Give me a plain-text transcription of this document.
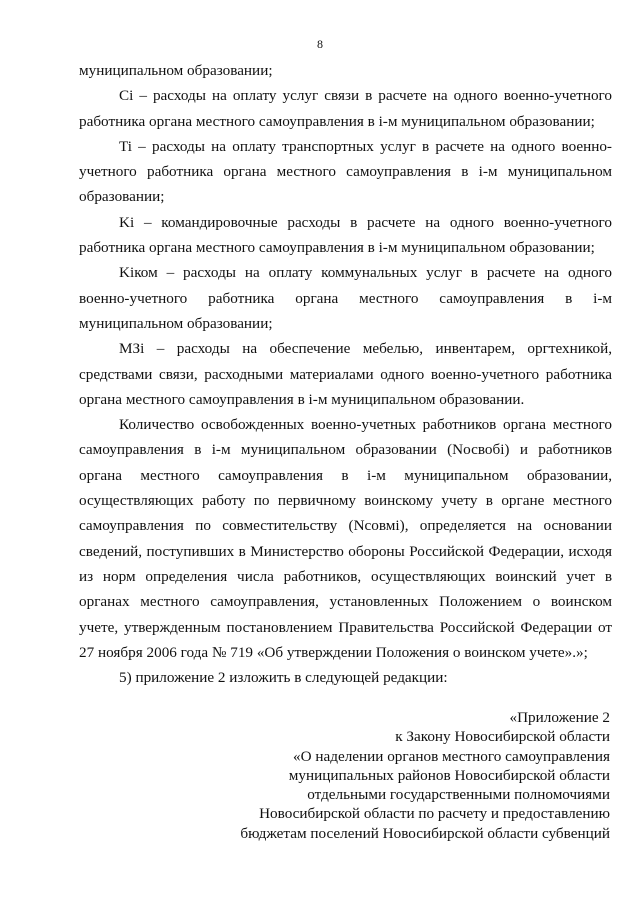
8

муниципальном образовании;

Ci – расходы на оплату услуг связи в расчете на одного военно-учетного работника органа местного самоуправления в i-м муниципальном образовании;

Ti – расходы на оплату транспортных услуг в расчете на одного военно-учетного работника органа местного самоуправления в i-м муниципальном образовании;

Ki – командировочные расходы в расчете на одного военно-учетного работника органа местного самоуправления в i-м муниципальном образовании;

Kiком – расходы на оплату коммунальных услуг в расчете на одного военно-учетного работника органа местного самоуправления в i-м муниципальном образовании;

МЗi – расходы на обеспечение мебелью, инвентарем, оргтехникой, средствами связи, расходными материалами одного военно-учетного работника органа местного самоуправления в i-м муниципальном образовании.

Количество освобожденных военно-учетных работников органа местного самоуправления в i-м муниципальном образовании (Nосвобi) и работников органа местного самоуправления в i-м муниципальном образовании, осуществляющих работу по первичному воинскому учету в органе местного самоуправления по совместительству (Nсовмi), определяется на основании сведений, поступивших в Министерство обороны Российской Федерации, исходя из норм определения числа работников, осуществляющих воинский учет в органах местного самоуправления, установленных Положением о воинском учете, утвержденным постановлением Правительства Российской Федерации от 27 ноября 2006 года № 719 «Об утверждении Положения о воинском учете».»;

5) приложение 2 изложить в следующей редакции:

«Приложение 2
к Закону Новосибирской области
«О наделении органов местного самоуправления
муниципальных районов Новосибирской области
отдельными государственными полномочиями
Новосибирской области по расчету и предоставлению
бюджетам поселений Новосибирской области субвенций
